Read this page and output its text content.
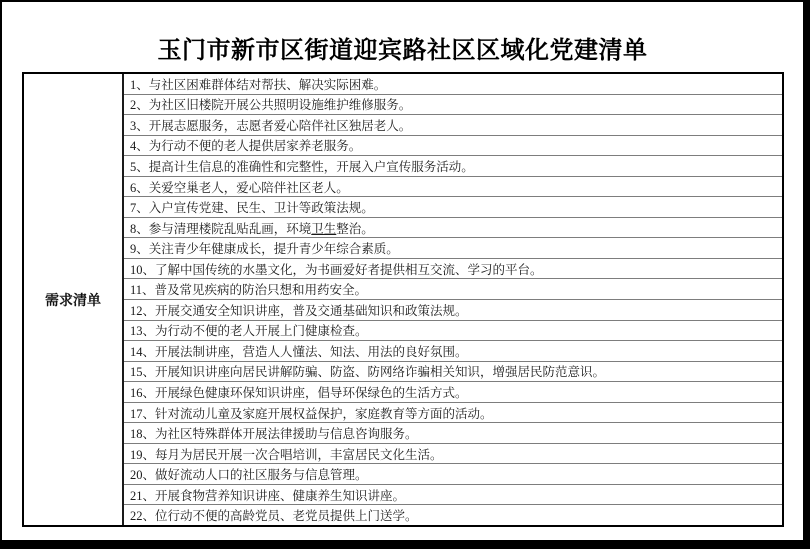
玉门市新市区街道迎宾路社区区域化党建清单
需求清单
1、与社区困难群体结对帮扶、解决实际困难。
2、为社区旧楼院开展公共照明设施维护维修服务。
3、开展志愿服务，志愿者爱心陪伴社区独居老人。
4、为行动不便的老人提供居家养老服务。
5、提高计生信息的准确性和完整性，开展入户宣传服务活动。
6、关爱空巢老人，爱心陪伴社区老人。
7、入户宣传党建、民生、卫计等政策法规。
8、参与清理楼院乱贴乱画，环境 卫生 整治。
9、关注青少年健康成长，提升青少年综合素质。
10、了解中国传统的水墨文化，为书画爱好者提供相互交流、学习的平台。
11、普及常见疾病的防治只想和用药安全。
12、开展交通安全知识讲座，普及交通基础知识和政策法规。
13、为行动不便的老人开展上门健康检查。
14、开展法制讲座，营造人人懂法、知法、用法的良好氛围。
15、开展知识讲座向居民讲解防骗、防盗、防网络诈骗相关知识，增强居民防范意识。
16、开展绿色健康环保知识讲座，倡导环保绿色的生活方式。
17、针对流动儿童及家庭开展权益保护，家庭教育等方面的活动。
18、为社区特殊群体开展法律援助与信息咨询服务。
19、每月为居民开展一次合唱培训，丰富居民文化生活。
20、做好流动人口的社区服务与信息管理。
21、开展食物营养知识讲座、健康养生知识讲座。
22、位行动不便的高龄党员、老党员提供上门送学。
